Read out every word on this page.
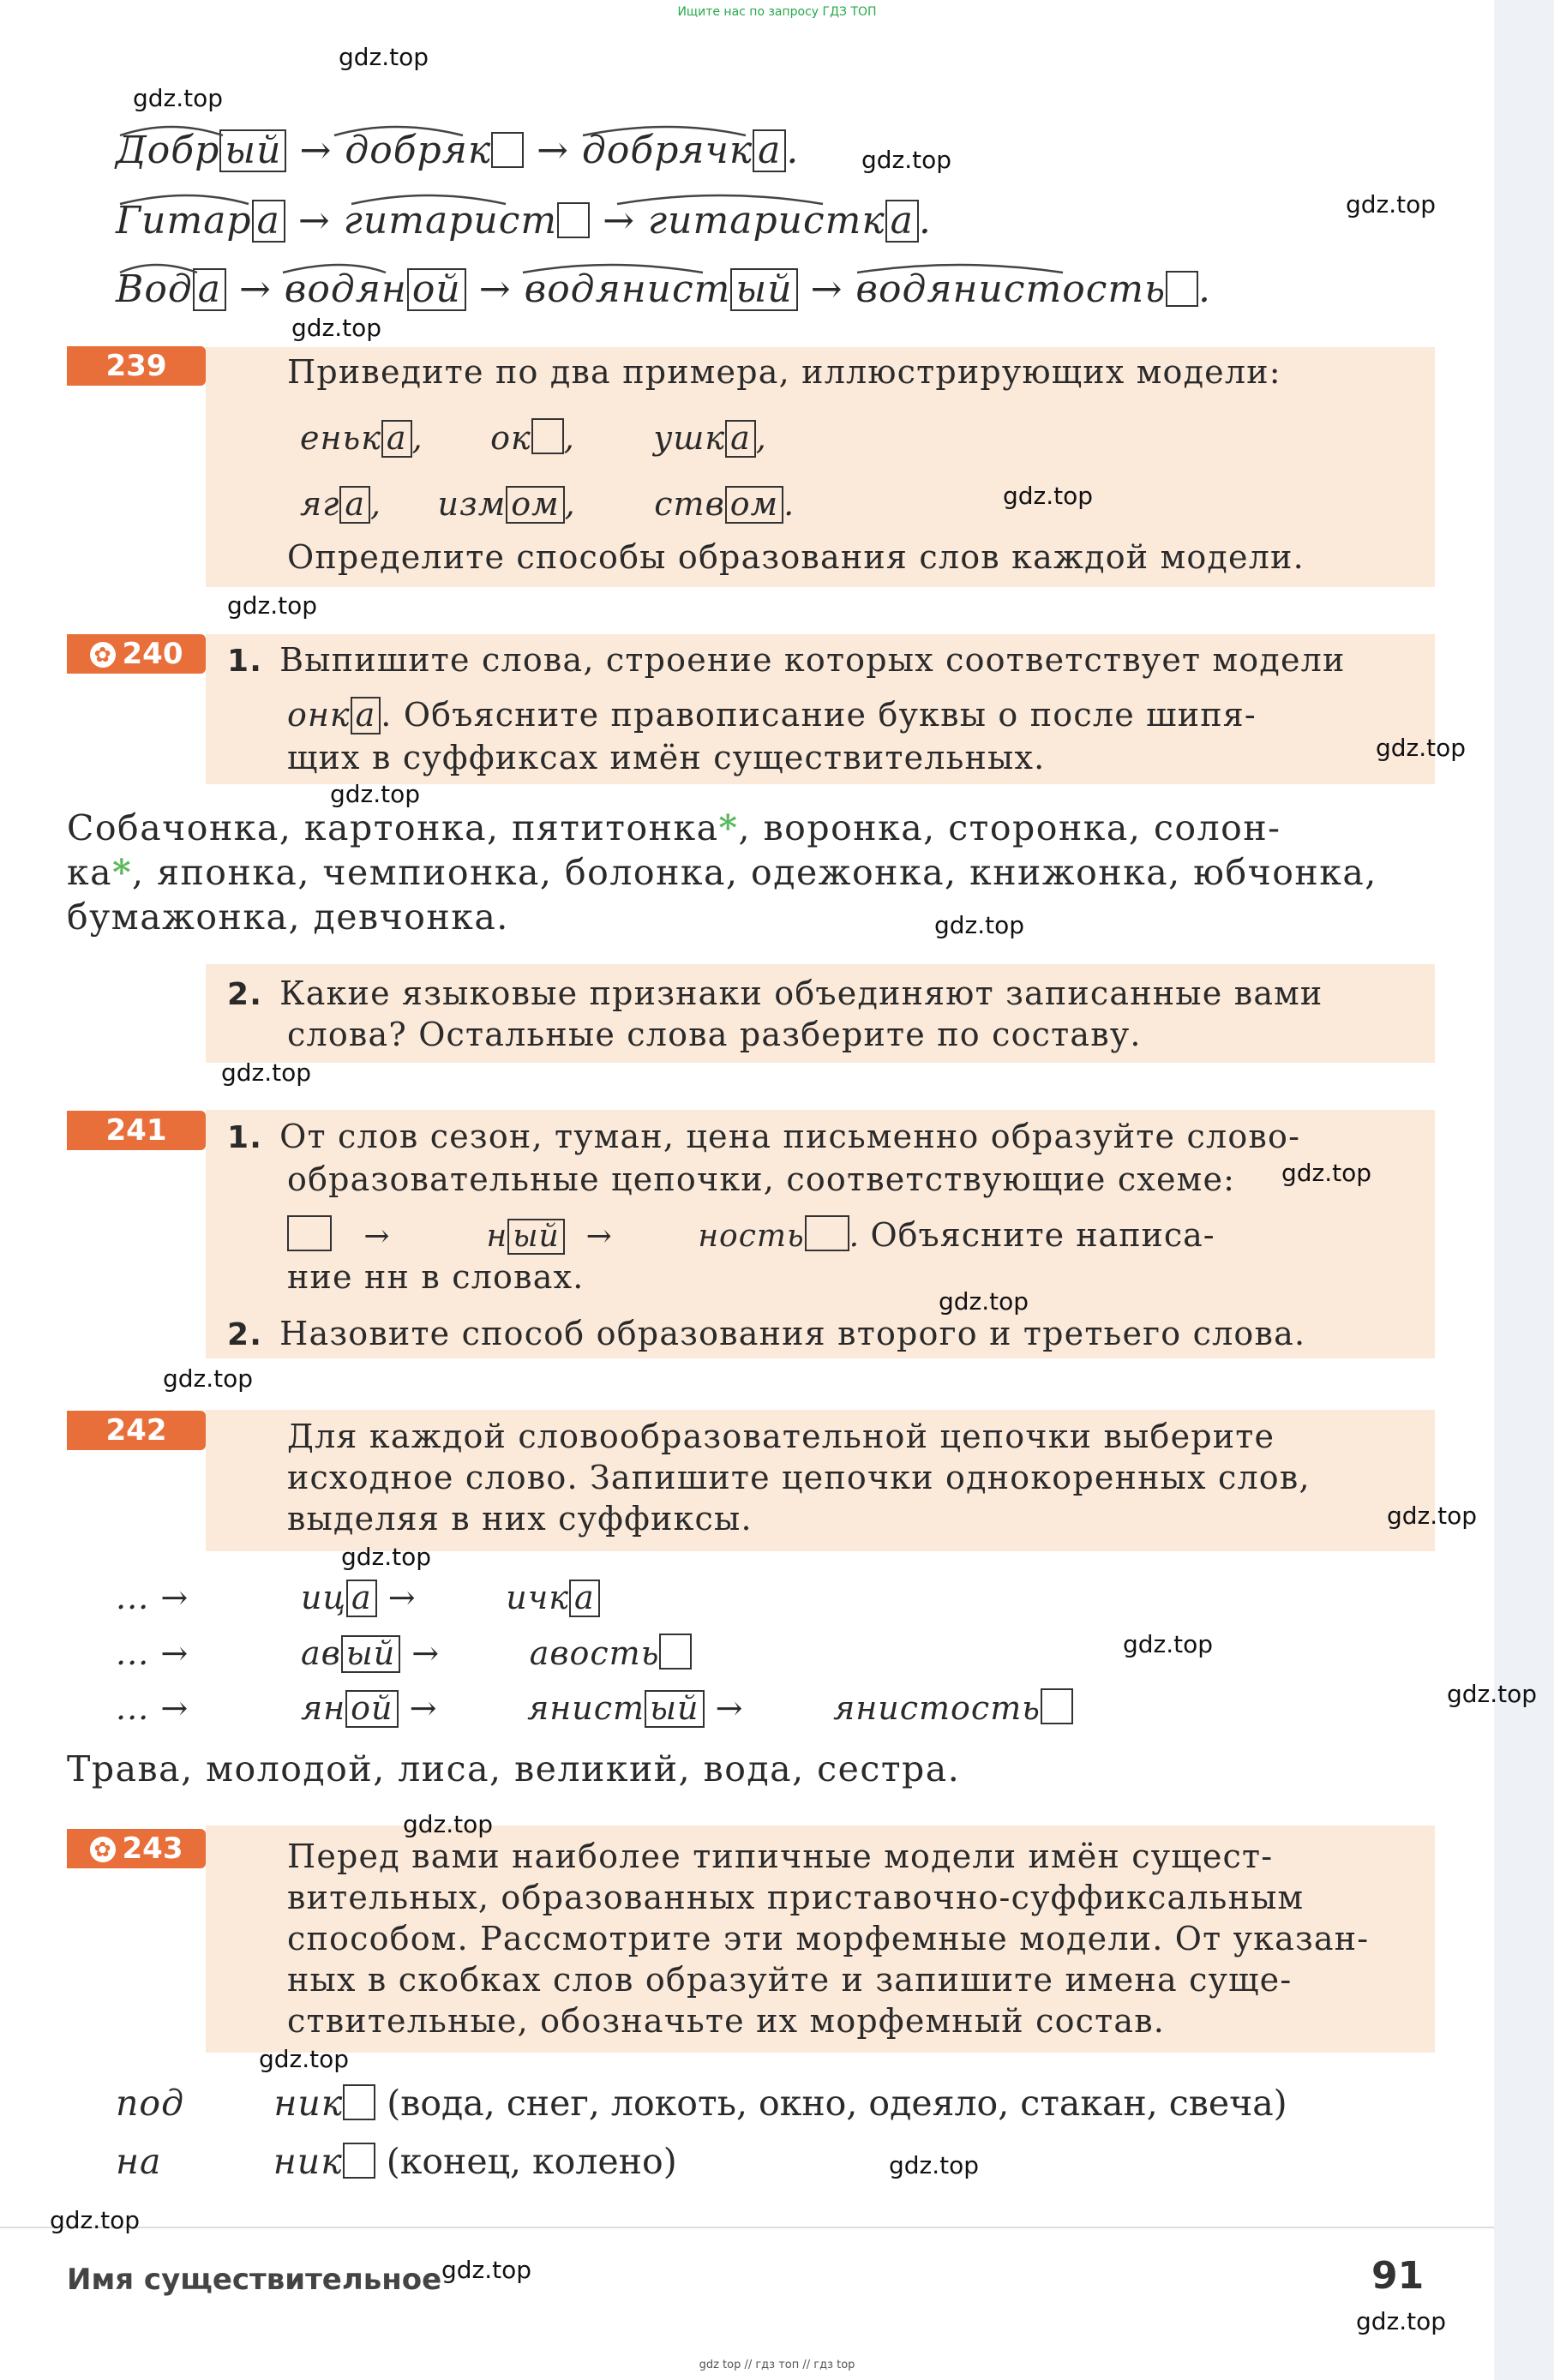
Ищите нас по запросу ГДЗ ТОП
Добр ый → добряк → добрячк а .
Гитар а → гитарист → гитаристк а .
Вод а → водян ой → водянист ый → водянистость .
239	Приведите по два примера, иллюстрирующих модели:
еньк а ,      ок ,       ушк а ,
яг а ,     изм ом ,       ств ом .
Определите способы образования слов каждой модели.
✿ 240	1. Выпишите слова, строение которых соответствует модели
онк а . Объясните правописание буквы о после шипя-
щих в суффиксах имён существительных.
Собачонка, картонка, пятитонка*, воронка, сторонка, солон-
ка*, японка, чемпионка, болонка, одежонка, книжонка, юбчонка,
бумажонка, девчонка.
2. Какие языковые признаки объединяют записанные вами
слова? Остальные слова разберите по составу.
241	1. От слов сезон, туман, цена письменно образуйте слово-
образовательные цепочки, соответствующие схеме:
→         н ый  →        ность . Объясните написа-
ние нн в словах.
2. Назовите способ образования второго и третьего слова.
242	Для каждой словообразовательной цепочки выберите
исходное слово. Запишите цепочки однокоренных слов,
выделяя в них суффиксы.
... →          иц а →        ичк а
... →          ав ый →        авость
... →          ян ой →        янист ый →        янистость
Трава, молодой, лиса, великий, вода, сестра.
✿ 243	Перед вами наиболее типичные модели имён сущест-
вительных, образованных приставочно-суффиксальным
способом. Рассмотрите эти морфемные модели. От указан-
ных в скобках слов образуйте и запишите имена суще-
ствительные, обозначьте их морфемный состав.
под	ник (вода, снег, локоть, окно, одеяло, стакан, свеча)
на	ник (конец, колено)
Имя существительное	91
gdz top // гдз топ // гдз top
gdz.top
gdz.top
gdz.top
gdz.top
gdz.top
gdz.top
gdz.top
gdz.top
gdz.top
gdz.top
gdz.top
gdz.top
gdz.top
gdz.top
gdz.top
gdz.top
gdz.top
gdz.top
gdz.top
gdz.top
gdz.top
gdz.top
gdz.top
gdz.top
